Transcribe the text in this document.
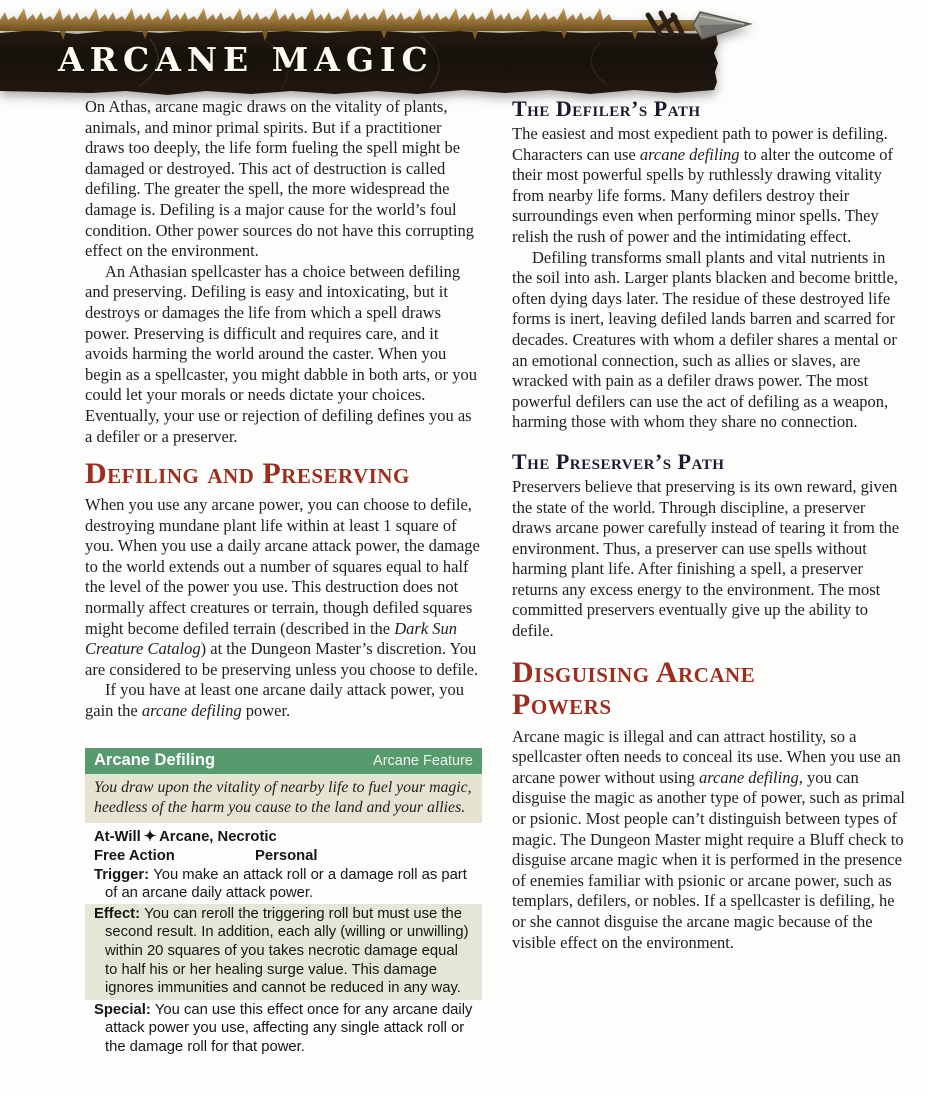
ARCANE MAGIC

On Athas, arcane magic draws on the vitality of plants, animals, and minor primal spirits. But if a practitioner draws too deeply, the life form fueling the spell might be damaged or destroyed. This act of destruction is called defiling. The greater the spell, the more widespread the damage is. Defiling is a major cause for the world’s foul condition. Other power sources do not have this corrupting effect on the environment.

An Athasian spellcaster has a choice between defiling and preserving. Defiling is easy and intoxicating, but it destroys or damages the life from which a spell draws power. Preserving is difficult and requires care, and it avoids harming the world around the caster. When you begin as a spellcaster, you might dabble in both arts, or you could let your morals or needs dictate your choices. Eventually, your use or rejection of defiling defines you as a defiler or a preserver.

Defiling and Preserving

When you use any arcane power, you can choose to defile, destroying mundane plant life within at least 1 square of you. When you use a daily arcane attack power, the damage to the world extends out a number of squares equal to half the level of the power you use. This destruction does not normally affect creatures or terrain, though defiled squares might become defiled terrain (described in the Dark Sun Creature Catalog) at the Dungeon Master’s discretion. You are considered to be preserving unless you choose to defile.

If you have at least one arcane daily attack power, you gain the arcane defiling power.

Arcane Defiling	Arcane Feature
You draw upon the vitality of nearby life to fuel your magic, heedless of the harm you cause to the land and your allies.
At-Will ✦ Arcane, Necrotic
Free Action	Personal
Trigger: You make an attack roll or a damage roll as part of an arcane daily attack power.
Effect: You can reroll the triggering roll but must use the second result. In addition, each ally (willing or unwilling) within 20 squares of you takes necrotic damage equal to half his or her healing surge value. This damage ignores immunities and cannot be reduced in any way.
Special: You can use this effect once for any arcane daily attack power you use, affecting any single attack roll or the damage roll for that power.
The Defiler’s Path

The easiest and most expedient path to power is defiling. Characters can use arcane defiling to alter the outcome of their most powerful spells by ruthlessly drawing vitality from nearby life forms. Many defilers destroy their surroundings even when performing minor spells. They relish the rush of power and the intimidating effect.

Defiling transforms small plants and vital nutrients in the soil into ash. Larger plants blacken and become brittle, often dying days later. The residue of these destroyed life forms is inert, leaving defiled lands barren and scarred for decades. Creatures with whom a defiler shares a mental or an emotional connection, such as allies or slaves, are wracked with pain as a defiler draws power. The most powerful defilers can use the act of defiling as a weapon, harming those with whom they share no connection.

The Preserver’s Path

Preservers believe that preserving is its own reward, given the state of the world. Through discipline, a preserver draws arcane power carefully instead of tearing it from the environment. Thus, a preserver can use spells without harming plant life. After finishing a spell, a preserver returns any excess energy to the environment. The most committed preservers eventually give up the ability to defile.

Disguising Arcane Powers

Arcane magic is illegal and can attract hostility, so a spellcaster often needs to conceal its use. When you use an arcane power without using arcane defiling, you can disguise the magic as another type of power, such as primal or psionic. Most people can’t distinguish between types of magic. The Dungeon Master might require a Bluff check to disguise arcane magic when it is performed in the presence of enemies familiar with psionic or arcane power, such as templars, defilers, or nobles. If a spellcaster is defiling, he or she cannot disguise the arcane magic because of the visible effect on the environment.
